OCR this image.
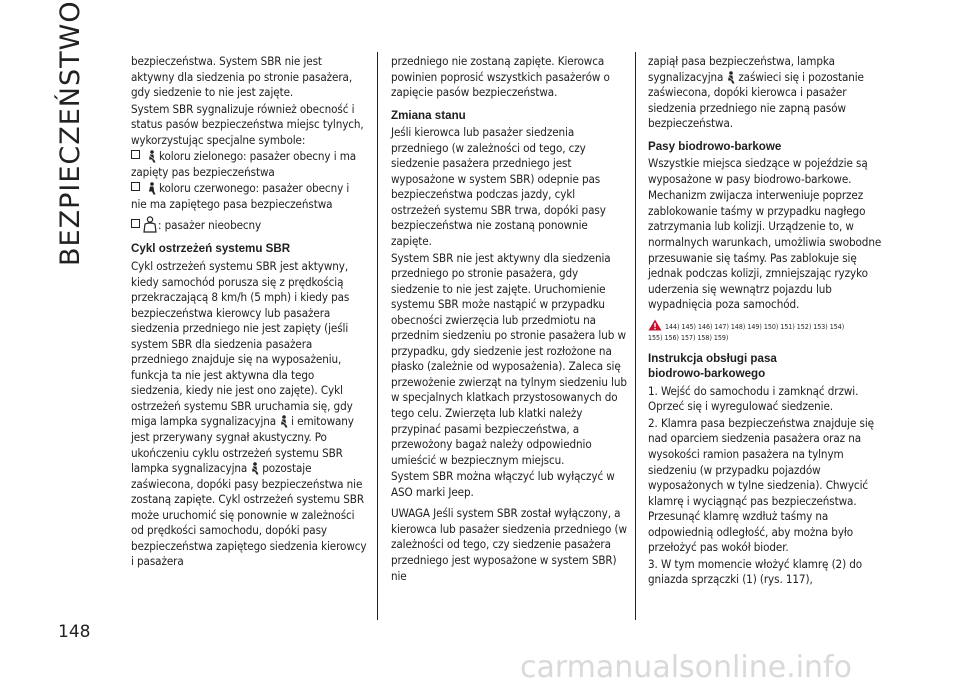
BEZPIECZEŃSTWO	bezpieczeństwa. System SBR nie jest aktywny dla siedzenia po stronie pasażera, gdy siedzenie to nie jest zajęte.

System SBR sygnalizuje również obecność i status pasów bezpieczeństwa miejsc tylnych, wykorzystując specjalne symbole:

koloru zielonego: pasażer obecny i ma zapięty pas bezpieczeństwa

koloru czerwonego: pasażer obecny i nie ma zapiętego pasa bezpieczeństwa

: pasażer nieobecny

Cykl ostrzeżeń systemu SBR

Cykl ostrzeżeń systemu SBR jest aktywny, kiedy samochód porusza się z prędkością przekraczającą 8 km/h (5 mph) i kiedy pas bezpieczeństwa kierowcy lub pasażera siedzenia przedniego nie jest zapięty (jeśli system SBR dla siedzenia pasażera przedniego znajduje się na wyposażeniu, funkcja ta nie jest aktywna dla tego siedzenia, kiedy nie jest ono zajęte). Cykl ostrzeżeń systemu SBR uruchamia się, gdy miga lampka sygnalizacyjna i emitowany jest przerywany sygnał akustyczny. Po ukończeniu cyklu ostrzeżeń systemu SBR lampka sygnalizacyjna pozostaje zaświecona, dopóki pasy bezpieczeństwa nie zostaną zapięte. Cykl ostrzeżeń systemu SBR może uruchomić się ponownie w zależności od prędkości samochodu, dopóki pasy bezpieczeństwa zapiętego siedzenia kierowcy i pasażera

przedniego nie zostaną zapięte. Kierowca powinien poprosić wszystkich pasażerów o zapięcie pasów bezpieczeństwa.

Zmiana stanu

Jeśli kierowca lub pasażer siedzenia przedniego (w zależności od tego, czy siedzenie pasażera przedniego jest wyposażone w system SBR) odepnie pas bezpieczeństwa podczas jazdy, cykl ostrzeżeń systemu SBR trwa, dopóki pasy bezpieczeństwa nie zostaną ponownie zapięte.

System SBR nie jest aktywny dla siedzenia przedniego po stronie pasażera, gdy siedzenie to nie jest zajęte. Uruchomienie systemu SBR może nastąpić w przypadku obecności zwierzęcia lub przedmiotu na przednim siedzeniu po stronie pasażera lub w przypadku, gdy siedzenie jest rozłożone na płasko (zależnie od wyposażenia). Zaleca się przewożenie zwierząt na tylnym siedzeniu lub w specjalnych klatkach przystosowanych do tego celu. Zwierzęta lub klatki należy przypinać pasami bezpieczeństwa, a przewożony bagaż należy odpowiednio umieścić w bezpiecznym miejscu.

System SBR można włączyć lub wyłączyć w ASO marki Jeep.

UWAGA Jeśli system SBR został wyłączony, a kierowca lub pasażer siedzenia przedniego (w zależności od tego, czy siedzenie pasażera przedniego jest wyposażone w system SBR) nie

zapiął pasa bezpieczeństwa, lampka sygnalizacyjna zaświeci się i pozostanie zaświecona, dopóki kierowca i pasażer siedzenia przedniego nie zapną pasów bezpieczeństwa.

Pasy biodrowo-barkowe

Wszystkie miejsca siedzące w pojeździe są wyposażone w pasy biodrowo-barkowe.

Mechanizm zwijacza interweniuje poprzez zablokowanie taśmy w przypadku nagłego zatrzymania lub kolizji. Urządzenie to, w normalnych warunkach, umożliwia swobodne przesuwanie się taśmy. Pas zablokuje się jednak podczas kolizji, zmniejszając ryzyko uderzenia się wewnątrz pojazdu lub wypadnięcia poza samochód.

144) 145) 146) 147) 148) 149) 150) 151) 152) 153) 154)
155) 156) 157) 158) 159)
Instrukcja obsługi pasa biodrowo-barkowego

1. Wejść do samochodu i zamknąć drzwi. Oprzeć się i wyregulować siedzenie.

2. Klamra pasa bezpieczeństwa znajduje się nad oparciem siedzenia pasażera oraz na wysokości ramion pasażera na tylnym siedzeniu (w przypadku pojazdów wyposażonych w tylne siedzenia). Chwycić klamrę i wyciągnąć pas bezpieczeństwa. Przesunąć klamrę wzdłuż taśmy na odpowiednią odległość, aby można było przełożyć pas wokół bioder.

3. W tym momencie włożyć klamrę (2) do gniazda sprzączki (1) (rys. 117),

148
carmanualsonline.info
